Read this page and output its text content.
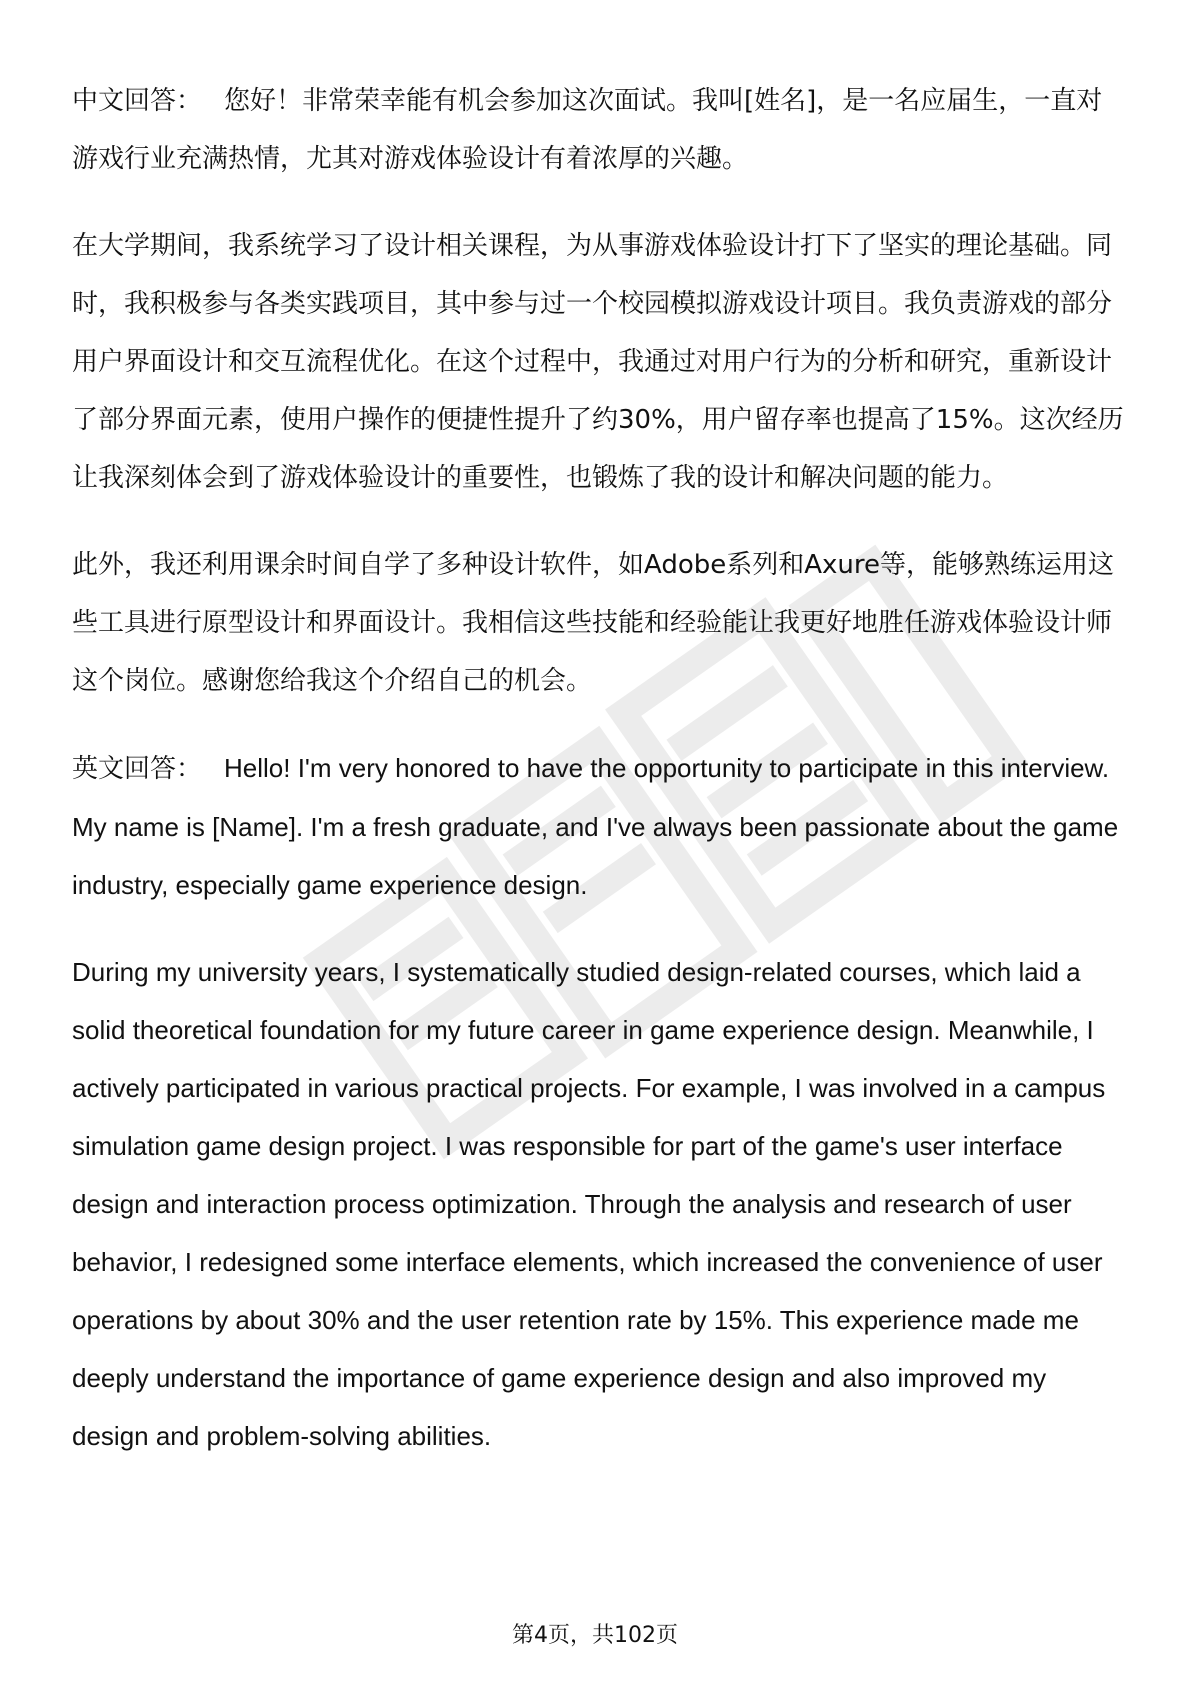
中文回答： 您好！非常荣幸能有机会参加这次面试。我叫[姓名]，是一名应届生，一直对游戏行业充满热情，尤其对游戏体验设计有着浓厚的兴趣。

在大学期间，我系统学习了设计相关课程，为从事游戏体验设计打下了坚实的理论基础。同时，我积极参与各类实践项目，其中参与过一个校园模拟游戏设计项目。我负责游戏的部分用户界面设计和交互流程优化。在这个过程中，我通过对用户行为的分析和研究，重新设计了部分界面元素，使用户操作的便捷性提升了约30%，用户留存率也提高了15%。这次经历让我深刻体会到了游戏体验设计的重要性，也锻炼了我的设计和解决问题的能力。

此外，我还利用课余时间自学了多种设计软件，如Adobe系列和Axure等，能够熟练运用这些工具进行原型设计和界面设计。我相信这些技能和经验能让我更好地胜任游戏体验设计师这个岗位。感谢您给我这个介绍自己的机会。

英文回答： Hello! I'm very honored to have the opportunity to participate in this interview. My name is [Name]. I'm a fresh graduate, and I've always been passionate about the game industry, especially game experience design.

During my university years, I systematically studied design-related courses, which laid a solid theoretical foundation for my future career in game experience design. Meanwhile, I actively participated in various practical projects. For example, I was involved in a campus simulation game design project. I was responsible for part of the game's user interface design and interaction process optimization. Through the analysis and research of user behavior, I redesigned some interface elements, which increased the convenience of user operations by about 30% and the user retention rate by 15%. This experience made me deeply understand the importance of game experience design and also improved my design and problem-solving abilities.

第4页，共102页
